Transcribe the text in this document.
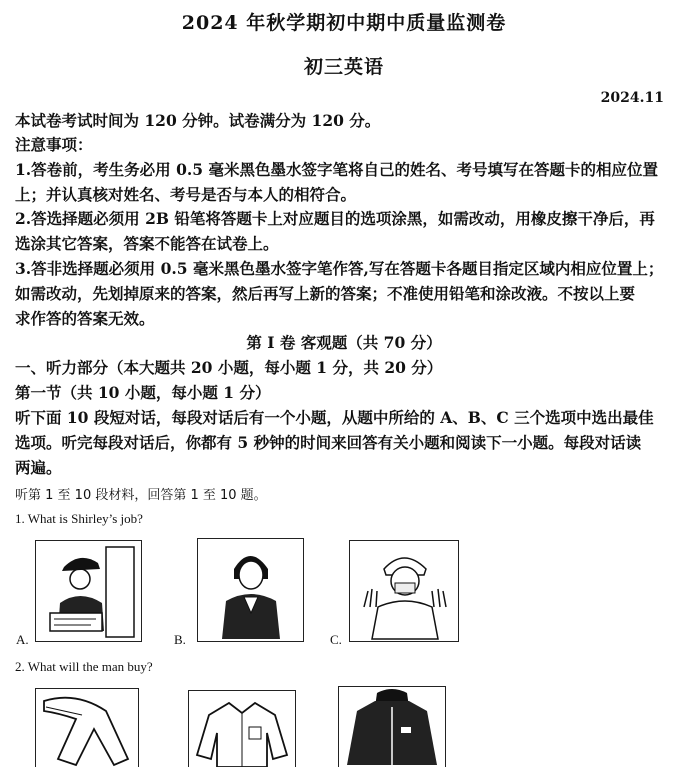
2024 年秋学期初中期中质量监测卷
初三英语
2024.11
本试卷考试时间为 120 分钟。试卷满分为 120 分。
注意事项：
1.答卷前，考生务必用 0.5 毫米黑色墨水签字笔将自己的姓名、考号填写在答题卡的相应位置
上；并认真核对姓名、考号是否与本人的相符合。
2.答选择题必须用 2B 铅笔将答题卡上对应题目的选项涂黑，如需改动，用橡皮擦干净后，再
选涂其它答案，答案不能答在试卷上。
3.答非选择题必须用 0.5 毫米黑色墨水签字笔作答,写在答题卡各题目指定区域内相应位置上；
如需改动，先划掉原来的答案，然后再写上新的答案；不准使用铅笔和涂改液。不按以上要
求作答的答案无效。
第 I 卷 客观题（共 70 分）
一、听力部分（本大题共 20 小题，每小题 1 分，共 20 分）
第一节（共 10 小题，每小题 1 分）
听下面 10 段短对话，每段对话后有一个小题，从题中所给的 A、B、C 三个选项中选出最佳
选项。听完每段对话后，你都有 5 秒钟的时间来回答有关小题和阅读下一小题。每段对话读
两遍。
听第 1 至 10 段材料，回答第 1 至 10 题。
1. What is Shirley’s job?
A.	B.	C.
2. What will the man buy?
